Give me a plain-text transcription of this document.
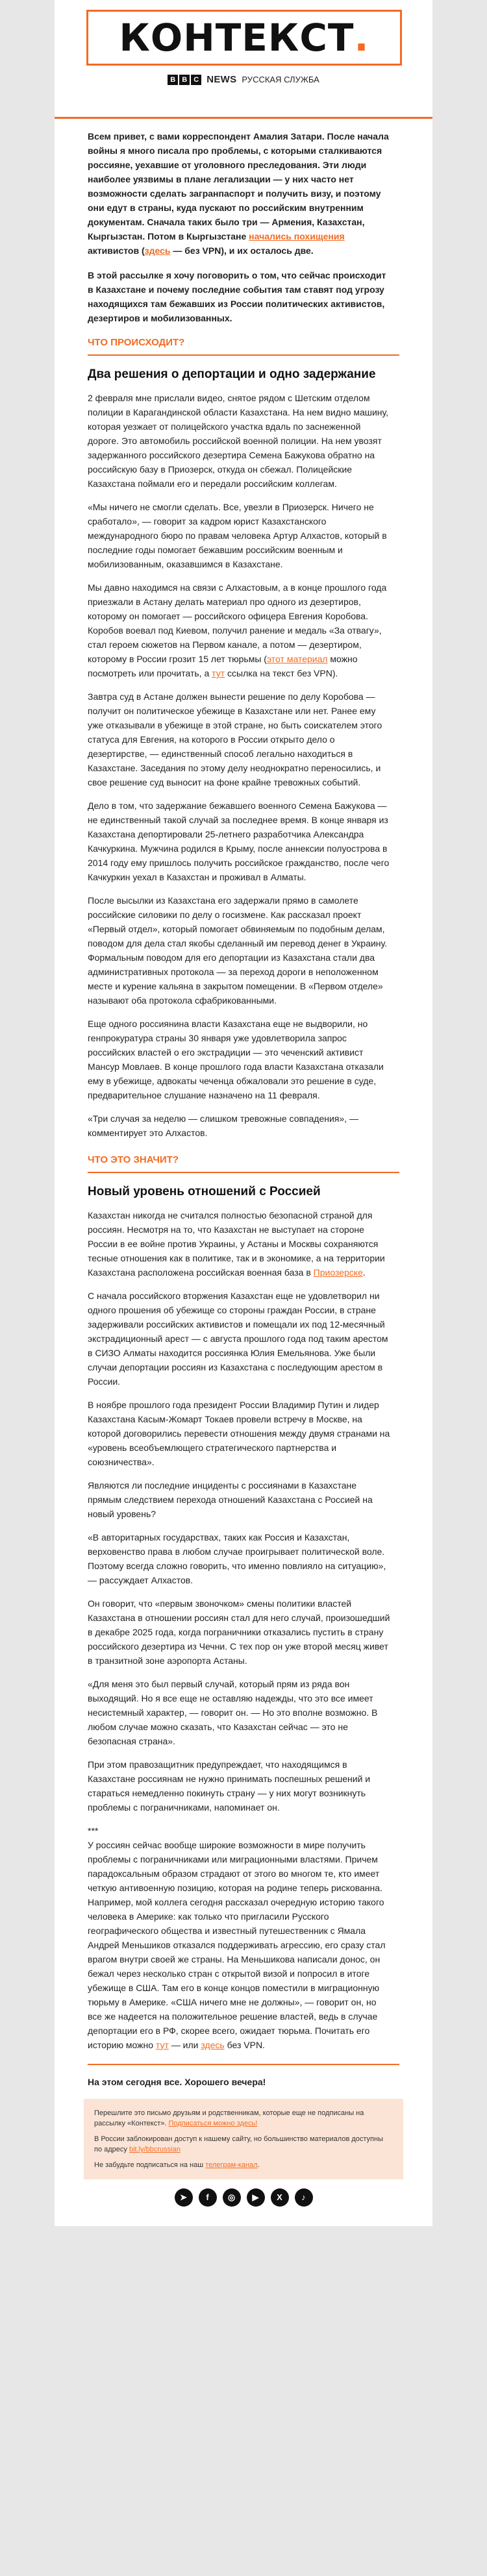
КОНТЕКСТ.
B B C NEWS РУССКАЯ СЛУЖБА

Всем привет, с вами корреспондент Амалия Затари. После начала войны я много писала про проблемы, с которыми сталкиваются россияне, уехавшие от уголовного преследования. Эти люди наиболее уязвимы в плане легализации — у них часто нет возможности сделать загранпаспорт и получить визу, и поэтому они едут в страны, куда пускают по российским внутренним документам. Сначала таких было три — Армения, Казахстан, Кыргызстан. Потом в Кыргызстане начались похищения активистов (здесь — без VPN), и их осталось две.

В этой рассылке я хочу поговорить о том, что сейчас происходит в Казахстане и почему последние события там ставят под угрозу находящихся там бежавших из России политических активистов, дезертиров и мобилизованных.

ЧТО ПРОИСХОДИТ?
Два решения о депортации и одно задержание

2 февраля мне прислали видео, снятое рядом с Шетским отделом полиции в Карагандинской области Казахстана. На нем видно машину, которая уезжает от полицейского участка вдаль по заснеженной дороге. Это автомобиль российской военной полиции. На нем увозят задержанного российского дезертира Семена Бажукова обратно на российскую базу в Приозерск, откуда он сбежал. Полицейские Казахстана поймали его и передали российским коллегам.

«Мы ничего не смогли сделать. Все, увезли в Приозерск. Ничего не сработало», — говорит за кадром юрист Казахстанского международного бюро по правам человека Артур Алхастов, который в последние годы помогает бежавшим российским военным и мобилизованным, оказавшимся в Казахстане.

Мы давно находимся на связи с Алхастовым, а в конце прошлого года приезжали в Астану делать материал про одного из дезертиров, которому он помогает — российского офицера Евгения Коробова. Коробов воевал под Киевом, получил ранение и медаль «За отвагу», стал героем сюжетов на Первом канале, а потом — дезертиром, которому в России грозит 15 лет тюрьмы (этот материал можно посмотреть или прочитать, а тут ссылка на текст без VPN).

Завтра суд в Астане должен вынести решение по делу Коробова — получит он политическое убежище в Казахстане или нет. Ранее ему уже отказывали в убежище в этой стране, но быть соискателем этого статуса для Евгения, на которого в России открыто дело о дезертирстве, — единственный способ легально находиться в Казахстане. Заседания по этому делу неоднократно переносились, и свое решение суд выносит на фоне крайне тревожных событий.

Дело в том, что задержание бежавшего военного Семена Бажукова — не единственный такой случай за последнее время. В конце января из Казахстана депортировали 25-летнего разработчика Александра Качкуркина. Мужчина родился в Крыму, после аннексии полуострова в 2014 году ему пришлось получить российское гражданство, после чего Качкуркин уехал в Казахстан и проживал в Алматы.

После высылки из Казахстана его задержали прямо в самолете российские силовики по делу о госизмене. Как рассказал проект «Первый отдел», который помогает обвиняемым по подобным делам, поводом для дела стал якобы сделанный им перевод денег в Украину. Формальным поводом для его депортации из Казахстана стали два административных протокола — за переход дороги в неположенном месте и курение кальяна в закрытом помещении. В «Первом отделе» называют оба протокола сфабрикованными.

Еще одного россиянина власти Казахстана еще не выдворили, но генпрокуратура страны 30 января уже удовлетворила запрос российских властей о его экстрадиции — это чеченский активист Мансур Мовлаев. В конце прошлого года власти Казахстана отказали ему в убежище, адвокаты чеченца обжаловали это решение в суде, предварительное слушание назначено на 11 февраля.

«Три случая за неделю — слишком тревожные совпадения», — комментирует это Алхастов.

ЧТО ЭТО ЗНАЧИТ?
Новый уровень отношений с Россией

Казахстан никогда не считался полностью безопасной страной для россиян. Несмотря на то, что Казахстан не выступает на стороне России в ее войне против Украины, у Астаны и Москвы сохраняются тесные отношения как в политике, так и в экономике, а на территории Казахстана расположена российская военная база в Приозерске.

С начала российского вторжения Казахстан еще не удовлетворил ни одного прошения об убежище со стороны граждан России, в стране задерживали российских активистов и помещали их под 12-месячный экстрадиционный арест — с августа прошлого года под таким арестом в СИЗО Алматы находится россиянка Юлия Емельянова. Уже были случаи депортации россиян из Казахстана с последующим арестом в России.

В ноябре прошлого года президент России Владимир Путин и лидер Казахстана Касым-Жомарт Токаев провели встречу в Москве, на которой договорились перевести отношения между двумя странами на «уровень всеобъемлющего стратегического партнерства и союзничества».

Являются ли последние инциденты с россиянами в Казахстане прямым следствием перехода отношений Казахстана с Россией на новый уровень?

«В авторитарных государствах, таких как Россия и Казахстан, верховенство права в любом случае проигрывает политической воле. Поэтому всегда сложно говорить, что именно повлияло на ситуацию», — рассуждает Алхастов.

Он говорит, что «первым звоночком» смены политики властей Казахстана в отношении россиян стал для него случай, произошедший в декабре 2025 года, когда пограничники отказались пустить в страну российского дезертира из Чечни. С тех пор он уже второй месяц живет в транзитной зоне аэропорта Астаны.

«Для меня это был первый случай, который прям из ряда вон выходящий. Но я все еще не оставляю надежды, что это все имеет несистемный характер, — говорит он. — Но это вполне возможно. В любом случае можно сказать, что Казахстан сейчас — это не безопасная страна».

При этом правозащитник предупреждает, что находящимся в Казахстане россиянам не нужно принимать поспешных решений и стараться немедленно покинуть страну — у них могут возникнуть проблемы с пограничниками, напоминает он.

***

У россиян сейчас вообще широкие возможности в мире получить проблемы с пограничниками или миграционными властями. Причем парадоксальным образом страдают от этого во многом те, кто имеет четкую антивоенную позицию, которая на родине теперь рискованна. Например, мой коллега сегодня рассказал очередную историю такого человека в Америке: как только что пригласили Русского географического общества и известный путешественник с Ямала Андрей Меньшиков отказался поддерживать агрессию, его сразу стал врагом внутри своей же страны. На Меньшикова написали донос, он бежал через несколько стран с открытой визой и попросил в итоге убежище в США. Там его в конце концов поместили в миграционную тюрьму в Америке. «США ничего мне не должны», — говорит он, но все же надеется на положительное решение властей, ведь в случае депортации его в РФ, скорее всего, ожидает тюрьма. Почитать его историю можно тут — или здесь без VPN.

На этом сегодня все. Хорошего вечера!
Перешлите это письмо друзьям и родственникам, которые еще не подписаны на рассылку «Контекст». Подписаться можно здесь!
В России заблокирован доступ к нашему сайту, но большинство материалов доступны по адресу bit.ly/bbcrussian
Не забудьте подписаться на наш телеграм-канал.
➤	f	◎	▶	X	♪
